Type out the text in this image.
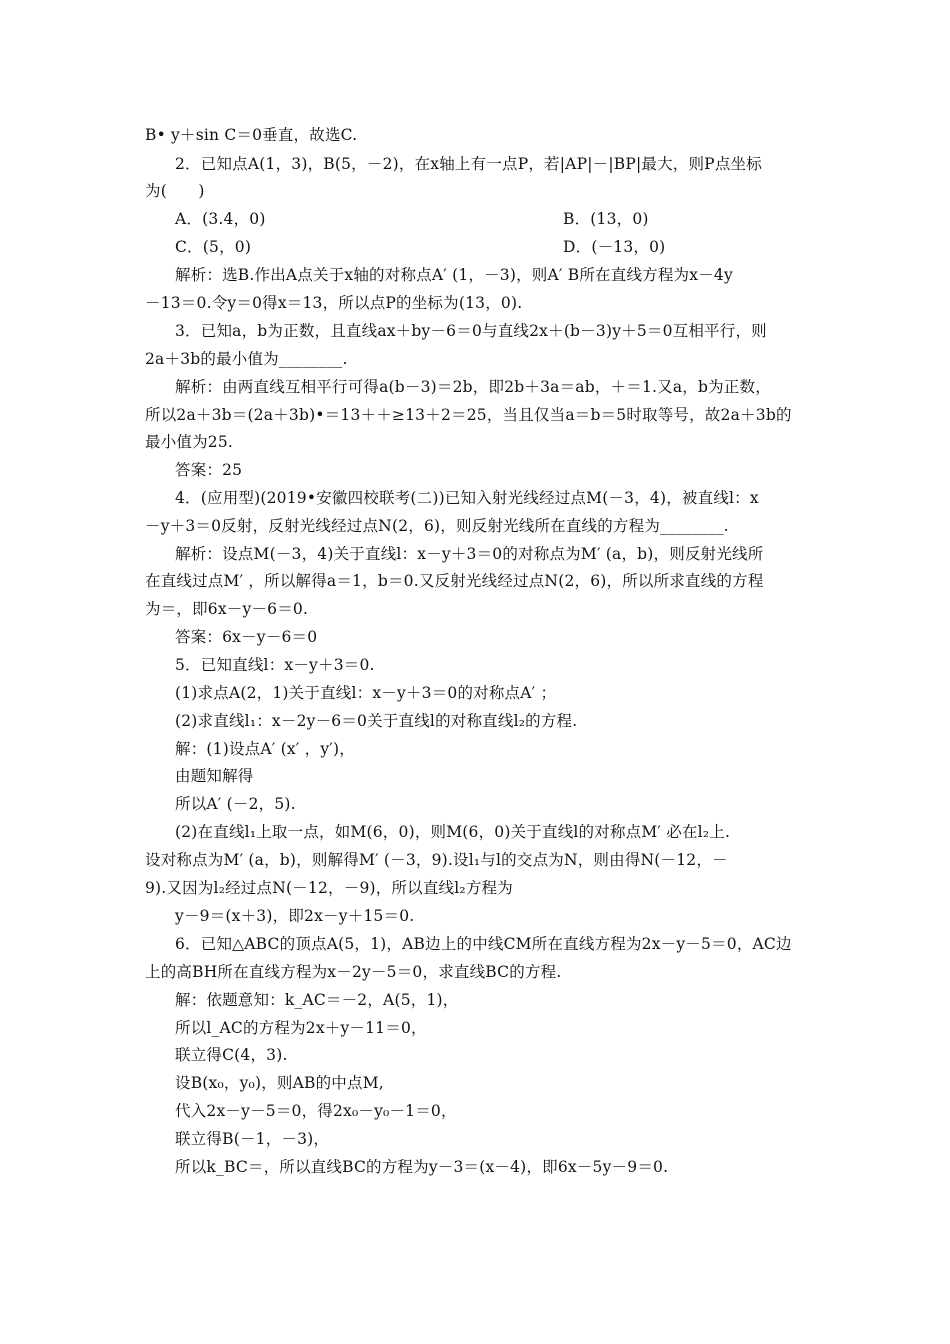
B• y＋sin C＝0垂直，故选C.
2．已知点A(1，3)，B(5，－2)，在x轴上有一点P，若|AP|－|BP|最大，则P点坐标
为(　　)
A．(3.4，0)	B．(13，0)
C．(5，0)	D．(－13，0)
解析：选B.作出A点关于x轴的对称点A′ (1，－3)，则A′ B所在直线方程为x－4y
－13＝0.令y＝0得x＝13，所以点P的坐标为(13，0).
3．已知a，b为正数，且直线ax＋by－6＝0与直线2x＋(b－3)y＋5＝0互相平行，则
2a＋3b的最小值为________.
解析：由两直线互相平行可得a(b－3)＝2b，即2b＋3a＝ab，＋＝1.又a，b为正数，
所以2a＋3b＝(2a＋3b)•＝13＋＋≥13＋2＝25，当且仅当a＝b＝5时取等号，故2a＋3b的
最小值为25.
答案：25
4．(应用型)(2019•安徽四校联考(二))已知入射光线经过点M(－3，4)，被直线l：x
－y＋3＝0反射，反射光线经过点N(2，6)，则反射光线所在直线的方程为________.
解析：设点M(－3，4)关于直线l：x－y＋3＝0的对称点为M′ (a，b)，则反射光线所
在直线过点M′ ，所以解得a＝1，b＝0.又反射光线经过点N(2，6)，所以所求直线的方程
为＝，即6x－y－6＝0.
答案：6x－y－6＝0
5．已知直线l：x－y＋3＝0.
(1)求点A(2，1)关于直线l：x－y＋3＝0的对称点A′ ；
(2)求直线l₁：x－2y－6＝0关于直线l的对称直线l₂的方程.
解：(1)设点A′ (x′ ，y′)，
由题知解得
所以A′ (－2，5).
(2)在直线l₁上取一点，如M(6，0)，则M(6，0)关于直线l的对称点M′ 必在l₂上.
设对称点为M′ (a，b)，则解得M′ (－3，9).设l₁与l的交点为N，则由得N(－12，－
9).又因为l₂经过点N(－12，－9)，所以直线l₂方程为
y－9＝(x＋3)，即2x－y＋15＝0.
6．已知△ABC的顶点A(5，1)，AB边上的中线CM所在直线方程为2x－y－5＝0，AC边
上的高BH所在直线方程为x－2y－5＝0，求直线BC的方程.
解：依题意知：k_AC＝－2，A(5，1)，
所以l_AC的方程为2x＋y－11＝0，
联立得C(4，3).
设B(x₀，y₀)，则AB的中点M,
代入2x－y－5＝0，得2x₀－y₀－1＝0，
联立得B(－1，－3)，
所以k_BC＝，所以直线BC的方程为y－3＝(x－4)，即6x－5y－9＝0.
